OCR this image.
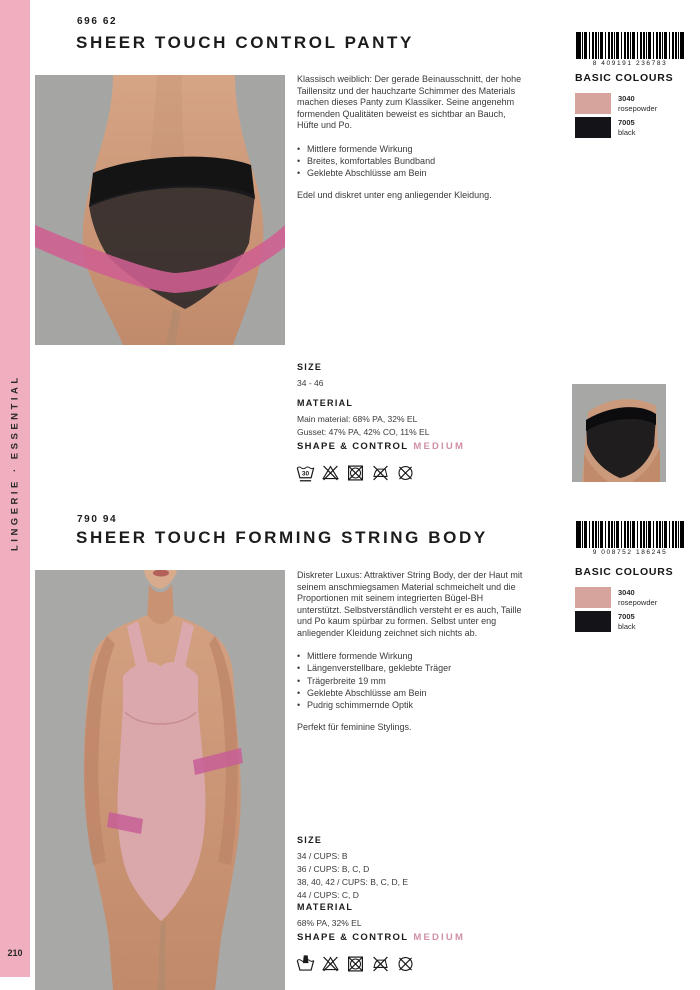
LINGERIE · ESSENTIAL
210
696 62
SHEER TOUCH CONTROL PANTY

Klassisch weiblich: Der gerade Beinausschnitt, der hohe Taillensitz und der hauchzarte Schimmer des Materials machen dieses Panty zum Klassiker. Seine angenehm formenden Qualitäten beweist es sichtbar an Bauch, Hüfte und Po.

• Mittlere formende Wirkung
• Breites, komfortables Bundband
• Geklebte Abschlüsse am Bein

Edel und diskret unter eng anliegender Kleidung.

SIZE
34 - 46
MATERIAL
Main material: 68% PA, 32% EL
Gusset: 47% PA, 42% CO, 11% EL
SHAPE & CONTROL MEDIUM
30
8 409191 236783
BASIC COLOURS
3040
rosepowder
7005
black
790 94
SHEER TOUCH FORMING STRING BODY

Diskreter Luxus: Attraktiver String Body, der der Haut mit seinem anschmiegsamen Material schmeichelt und die Proportionen mit seinem integrierten Bügel-BH unterstützt. Selbstverständlich versteht er es auch, Taille und Po kaum spürbar zu formen. Selbst unter eng anliegender Kleidung zeichnet sich nichts ab.

• Mittlere formende Wirkung
• Längenverstellbare, geklebte Träger
• Trägerbreite 19 mm
• Geklebte Abschlüsse am Bein
• Pudrig schimmernde Optik

Perfekt für feminine Stylings.

SIZE
34 / CUPS: B
36 / CUPS: B, C, D
38, 40, 42 / CUPS: B, C, D, E
44 / CUPS: C, D
MATERIAL
68% PA, 32% EL
SHAPE & CONTROL MEDIUM
9 008752 186245
BASIC COLOURS
3040
rosepowder
7005
black
